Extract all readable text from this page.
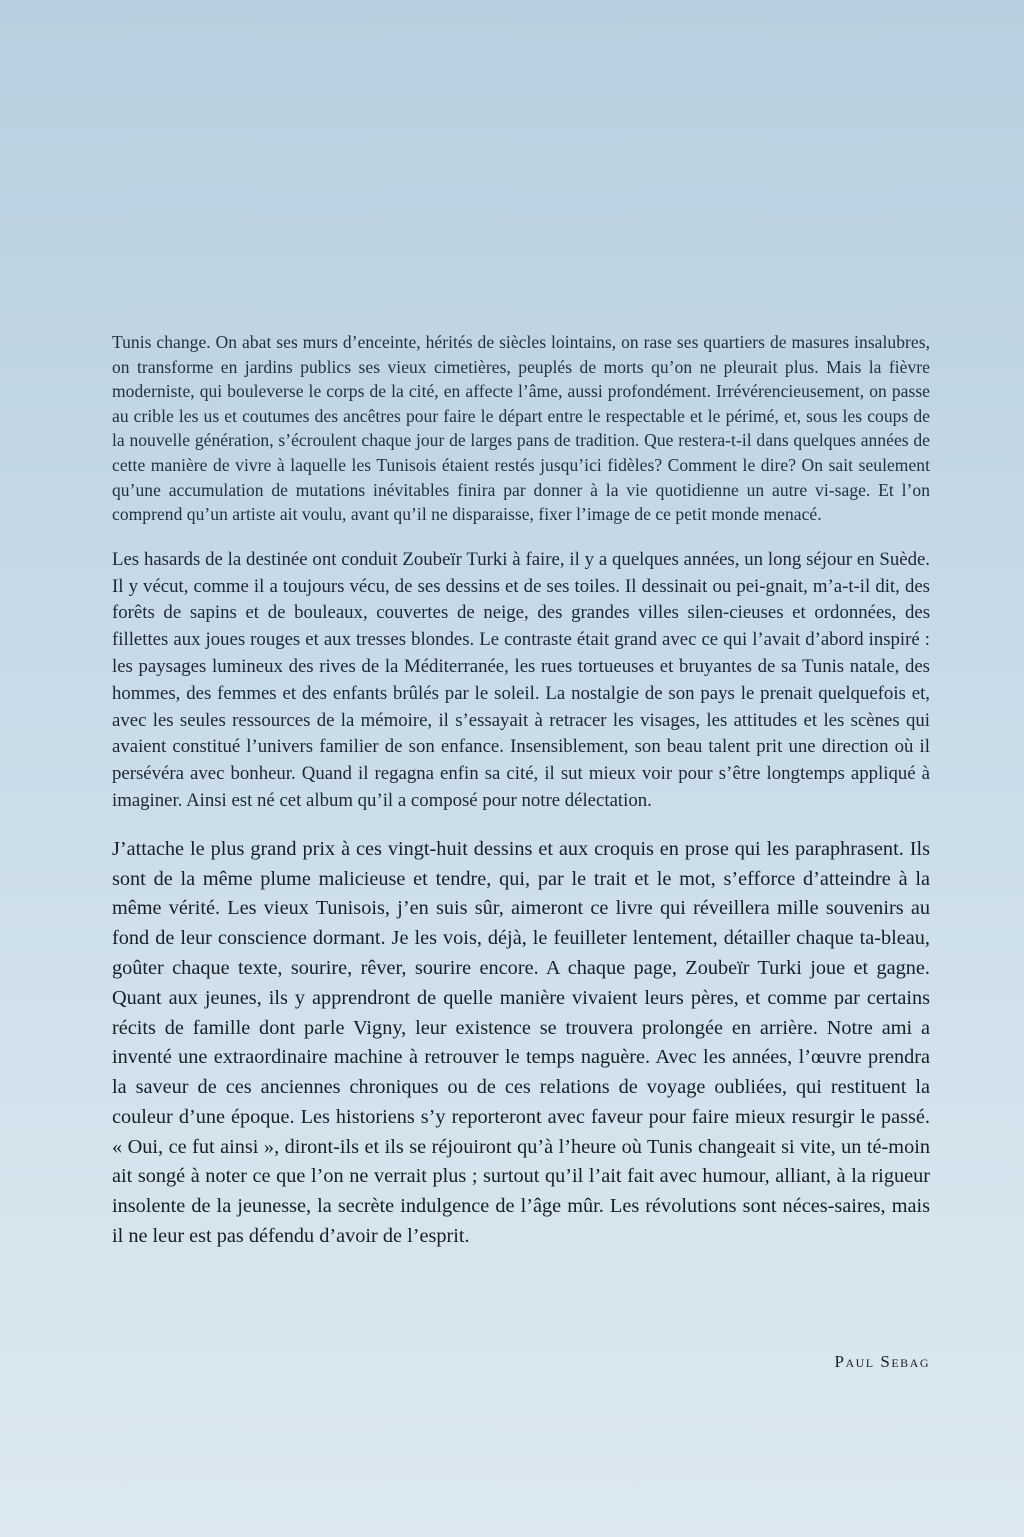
Tunis change. On abat ses murs d’enceinte, hérités de siècles lointains, on rase ses quartiers de masures insalubres, on transforme en jardins publics ses vieux cimetières, peuplés de morts qu’on ne pleurait plus. Mais la fièvre moderniste, qui bouleverse le corps de la cité, en affecte l’âme, aussi profondément. Irrévérencieusement, on passe au crible les us et coutumes des ancêtres pour faire le départ entre le respectable et le périmé, et, sous les coups de la nouvelle génération, s’écroulent chaque jour de larges pans de tradition. Que restera-t-il dans quelques années de cette manière de vivre à laquelle les Tunisois étaient restés jusqu’ici fidèles? Comment le dire? On sait seulement qu’une accumulation de mutations inévitables finira par donner à la vie quotidienne un autre vi-sage. Et l’on comprend qu’un artiste ait voulu, avant qu’il ne disparaisse, fixer l’image de ce petit monde menacé.

Les hasards de la destinée ont conduit Zoubeïr Turki à faire, il y a quelques années, un long séjour en Suède. Il y vécut, comme il a toujours vécu, de ses dessins et de ses toiles. Il dessinait ou pei-gnait, m’a-t-il dit, des forêts de sapins et de bouleaux, couvertes de neige, des grandes villes silen-cieuses et ordonnées, des fillettes aux joues rouges et aux tresses blondes. Le contraste était grand avec ce qui l’avait d’abord inspiré : les paysages lumineux des rives de la Méditerranée, les rues tortueuses et bruyantes de sa Tunis natale, des hommes, des femmes et des enfants brûlés par le soleil. La nostalgie de son pays le prenait quelquefois et, avec les seules ressources de la mémoire, il s’essayait à retracer les visages, les attitudes et les scènes qui avaient constitué l’univers familier de son enfance. Insensiblement, son beau talent prit une direction où il persévéra avec bonheur. Quand il regagna enfin sa cité, il sut mieux voir pour s’être longtemps appliqué à imaginer. Ainsi est né cet album qu’il a composé pour notre délectation.

J’attache le plus grand prix à ces vingt-huit dessins et aux croquis en prose qui les paraphrasent. Ils sont de la même plume malicieuse et tendre, qui, par le trait et le mot, s’efforce d’atteindre à la même vérité. Les vieux Tunisois, j’en suis sûr, aimeront ce livre qui réveillera mille souvenirs au fond de leur conscience dormant. Je les vois, déjà, le feuilleter lentement, détailler chaque ta-bleau, goûter chaque texte, sourire, rêver, sourire encore. A chaque page, Zoubeïr Turki joue et gagne. Quant aux jeunes, ils y apprendront de quelle manière vivaient leurs pères, et comme par certains récits de famille dont parle Vigny, leur existence se trouvera prolongée en arrière. Notre ami a inventé une extraordinaire machine à retrouver le temps naguère. Avec les années, l’œuvre prendra la saveur de ces anciennes chroniques ou de ces relations de voyage oubliées, qui restituent la couleur d’une époque. Les historiens s’y reporteront avec faveur pour faire mieux resurgir le passé. « Oui, ce fut ainsi », diront-ils et ils se réjouiront qu’à l’heure où Tunis changeait si vite, un té-moin ait songé à noter ce que l’on ne verrait plus ; surtout qu’il l’ait fait avec humour, alliant, à la rigueur insolente de la jeunesse, la secrète indulgence de l’âge mûr. Les révolutions sont néces-saires, mais il ne leur est pas défendu d’avoir de l’esprit.

Paul Sebag
